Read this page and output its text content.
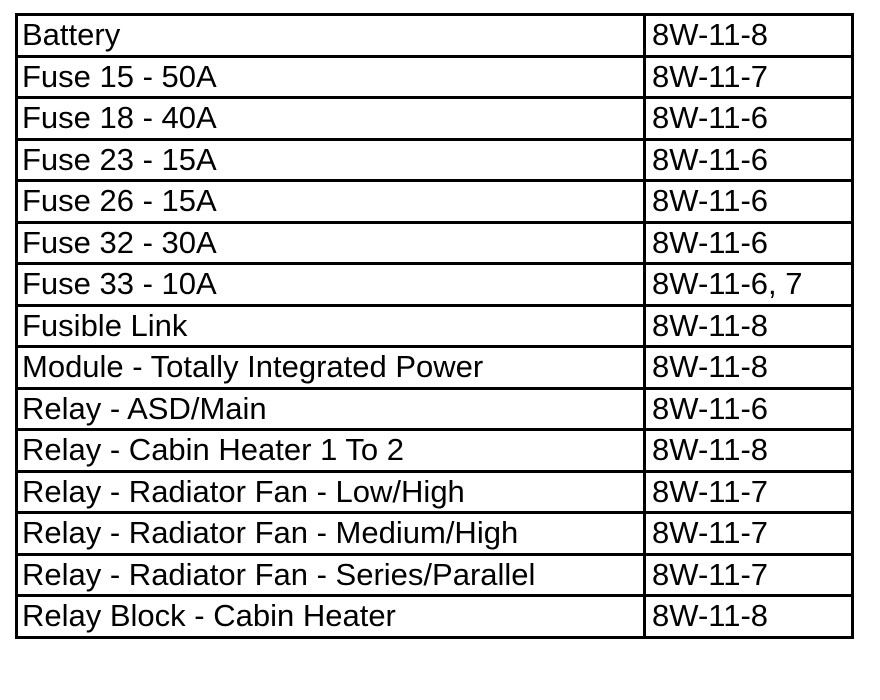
Battery	8W-11-8
Fuse 15 - 50A	8W-11-7
Fuse 18 - 40A	8W-11-6
Fuse 23 - 15A	8W-11-6
Fuse 26 - 15A	8W-11-6
Fuse 32 - 30A	8W-11-6
Fuse 33 - 10A	8W-11-6, 7
Fusible Link	8W-11-8
Module - Totally Integrated Power	8W-11-8
Relay - ASD/Main	8W-11-6
Relay - Cabin Heater 1 To 2	8W-11-8
Relay - Radiator Fan - Low/High	8W-11-7
Relay - Radiator Fan - Medium/High	8W-11-7
Relay - Radiator Fan - Series/Parallel	8W-11-7
Relay Block - Cabin Heater	8W-11-8
